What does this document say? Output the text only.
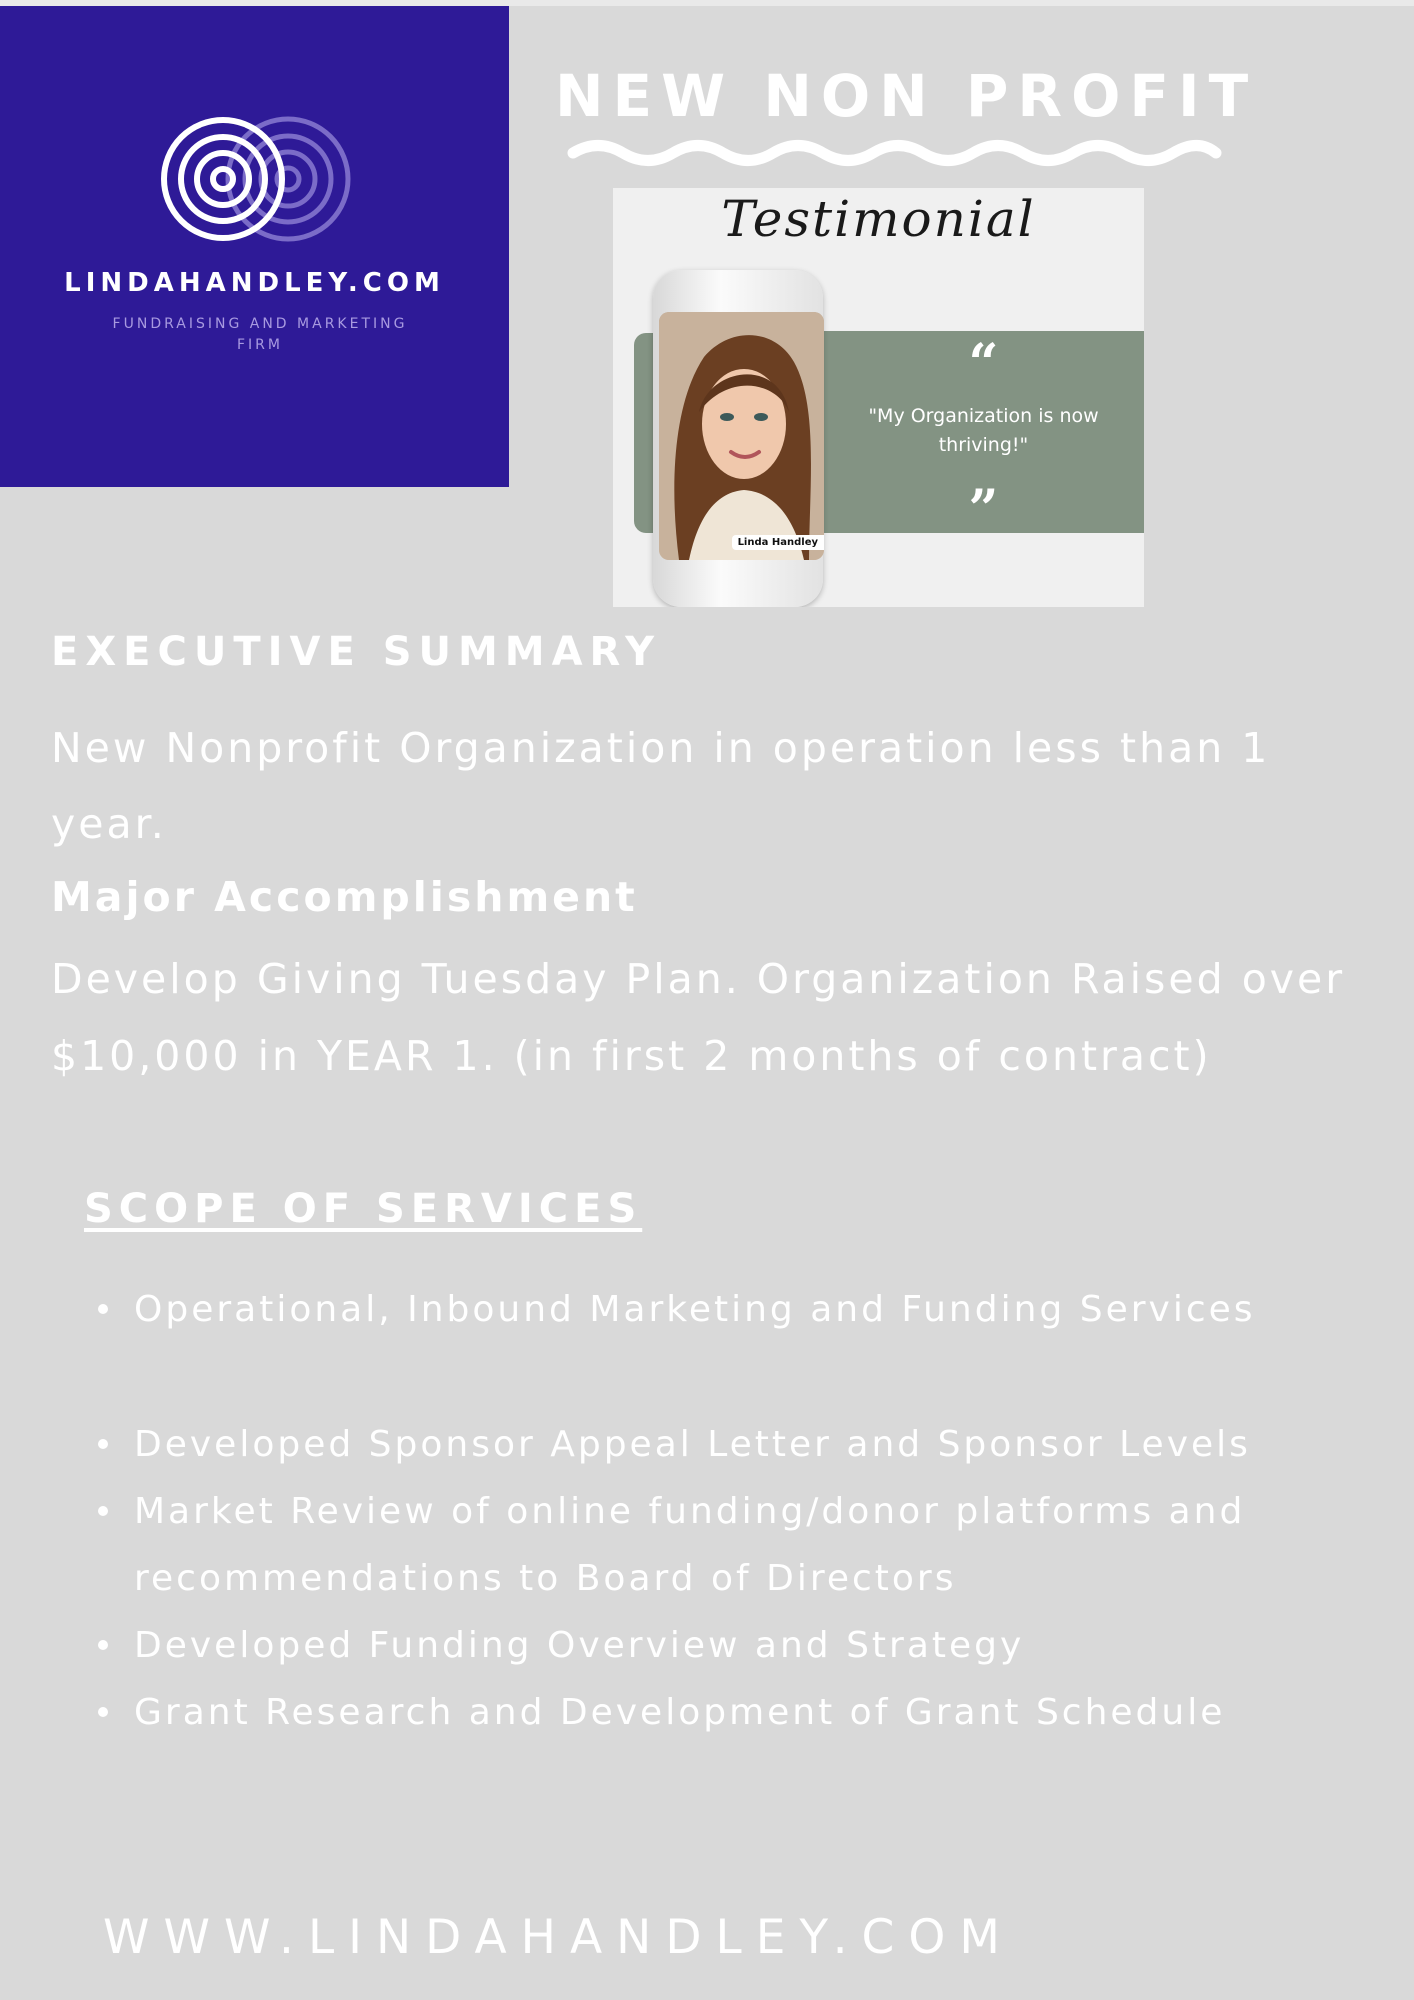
LINDAHANDLEY.COM
FUNDRAISING AND MARKETING FIRM
NEW NON PROFIT
Testimonial
“
"My Organization is now thriving!"
”
Linda Handley
EXECUTIVE SUMMARY
New Nonprofit Organization in operation less than 1 year.
Major Accomplishment
Develop Giving Tuesday Plan. Organization Raised over $10,000 in YEAR 1. (in first 2 months of contract)
SCOPE OF SERVICES
Operational, Inbound Marketing and Funding Services
Developed Sponsor Appeal Letter and Sponsor Levels
Market Review of online funding/donor platforms and recommendations to Board of Directors
Developed Funding Overview and Strategy
Grant Research and Development of Grant Schedule
WWW.LINDAHANDLEY.COM
